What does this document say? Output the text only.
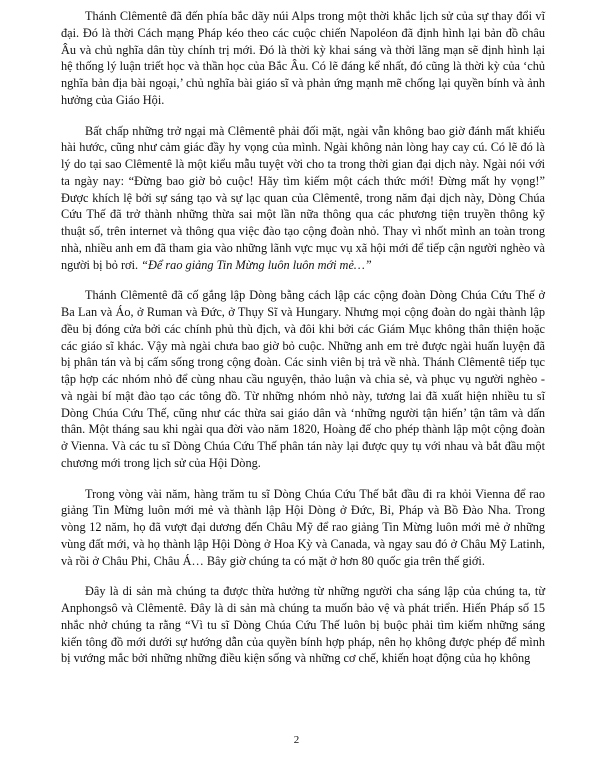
Thánh Clêmentê đã đến phía bắc dãy núi Alps trong một thời khắc lịch sử của sự thay đổi vĩ đại. Đó là thời Cách mạng Pháp kéo theo các cuộc chiến Napoléon đã định hình lại bản đồ châu Âu và chủ nghĩa dân tùy chính trị mới. Đó là thời kỳ khai sáng và thời lãng mạn sẽ định hình lại hệ thống lý luận triết học và thần học của Bắc Âu. Có lẽ đáng kể nhất, đó cũng là thời kỳ của ‘chủ nghĩa bản địa bài ngoại,’ chủ nghĩa bài giáo sĩ và phản ứng mạnh mẽ chống lại quyền bính và ảnh hưởng của Giáo Hội.

Bất chấp những trở ngại mà Clêmentê phải đối mặt, ngài vẫn không bao giờ đánh mất khiếu hài hước, cũng như cảm giác đầy hy vọng của mình. Ngài không nản lòng hay cay cú. Có lẽ đó là lý do tại sao Clêmentê là một kiểu mẫu tuyệt vời cho ta trong thời gian đại dịch này. Ngài nói với ta ngày nay: “Đừng bao giờ bỏ cuộc! Hãy tìm kiếm một cách thức mới! Đừng mất hy vọng!” Được khích lệ bởi sự sáng tạo và sự lạc quan của Clêmentê, trong năm đại dịch này, Dòng Chúa Cứu Thế đã trở thành những thừa sai một lần nữa thông qua các phương tiện truyền thông kỹ thuật số, trên internet và thông qua việc đào tạo cộng đoàn nhỏ. Thay vì nhốt mình an toàn trong nhà, nhiều anh em đã tham gia vào những lãnh vực mục vụ xã hội mới để tiếp cận người nghèo và người bị bỏ rơi. “Để rao giảng Tin Mừng luôn luôn mới mẻ…”

Thánh Clêmentê đã cố gắng lập Dòng bằng cách lập các cộng đoàn Dòng Chúa Cứu Thế ở Ba Lan và Áo, ở Ruman và Đức, ở Thụy Sĩ và Hungary. Nhưng mọi cộng đoàn do ngài thành lập đều bị đóng cửa bởi các chính phủ thù địch, và đôi khi bởi các Giám Mục không thân thiện hoặc các giáo sĩ khác. Vậy mà ngài chưa bao giờ bỏ cuộc. Những anh em trẻ được ngài huấn luyện đã bị phân tán và bị cấm sống trong cộng đoàn. Các sinh viên bị trả về nhà. Thánh Clêmentê tiếp tục tập hợp các nhóm nhỏ để cùng nhau cầu nguyện, thảo luận và chia sẻ, và phục vụ người nghèo - và ngài bí mật đào tạo các tông đồ. Từ những nhóm nhỏ này, tương lai đã xuất hiện nhiều tu sĩ Dòng Chúa Cứu Thế, cũng như các thừa sai giáo dân và ‘những người tận hiến’ tận tâm và dấn thân. Một tháng sau khi ngài qua đời vào năm 1820, Hoàng đế cho phép thành lập một cộng đoàn ở Vienna. Và các tu sĩ Dòng Chúa Cứu Thế phân tán này lại được quy tụ với nhau và bắt đầu một chương mới trong lịch sử của Hội Dòng.

Trong vòng vài năm, hàng trăm tu sĩ Dòng Chúa Cứu Thế bắt đầu đi ra khỏi Vienna để rao giảng Tin Mừng luôn mới mẻ và thành lập Hội Dòng ở Đức, Bỉ, Pháp và Bồ Đào Nha. Trong vòng 12 năm, họ đã vượt đại dương đến Châu Mỹ để rao giảng Tin Mừng luôn mới mẻ ở những vùng đất mới, và họ thành lập Hội Dòng ở Hoa Kỳ và Canada, và ngay sau đó ở Châu Mỹ Latinh, và rồi ở Châu Phi, Châu Á… Bây giờ chúng ta có mặt ở hơn 80 quốc gia trên thế giới.

Đây là di sản mà chúng ta được thừa hưởng từ những người cha sáng lập của chúng ta, từ Anphongsô và Clêmentê. Đây là di sản mà chúng ta muốn bảo vệ và phát triển. Hiến Pháp số 15 nhắc nhở chúng ta rằng “Vì tu sĩ Dòng Chúa Cứu Thế luôn bị buộc phải tìm kiếm những sáng kiến tông đồ mới dưới sự hướng dẫn của quyền bính hợp pháp, nên họ không được phép để mình bị vướng mắc bởi những những điều kiện sống và những cơ chế, khiến hoạt động của họ không

2
